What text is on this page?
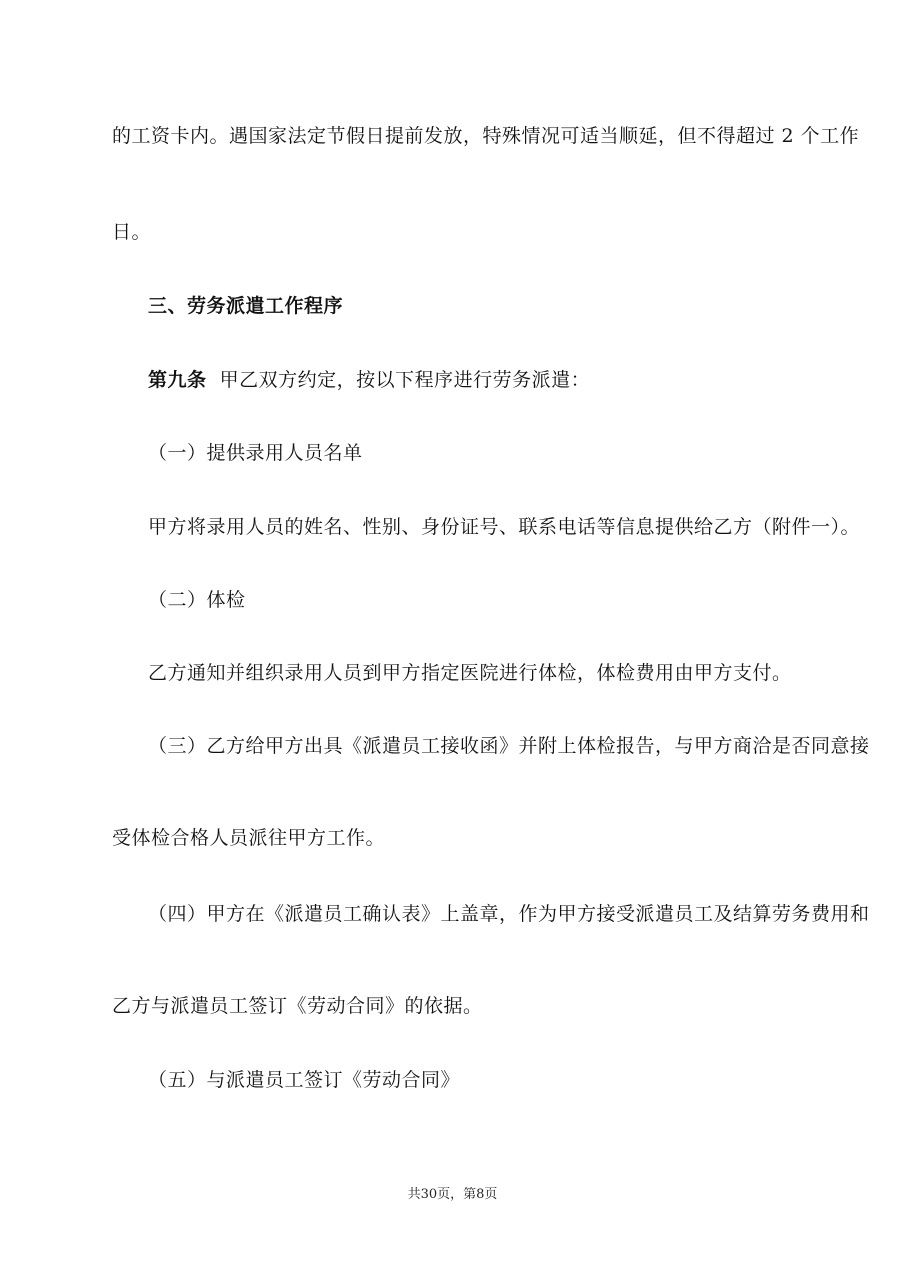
的工资卡内。遇国家法定节假日提前发放，特殊情况可适当顺延，但不得超过 2 个工作
日。
三、劳务派遣工作程序
第九条 甲乙双方约定，按以下程序进行劳务派遣：
（一）提供录用人员名单
甲方将录用人员的姓名、性别、身份证号、联系电话等信息提供给乙方（附件一）。
（二）体检
乙方通知并组织录用人员到甲方指定医院进行体检，体检费用由甲方支付。
（三）乙方给甲方出具《派遣员工接收函》并附上体检报告，与甲方商洽是否同意接
受体检合格人员派往甲方工作。
（四）甲方在《派遣员工确认表》上盖章，作为甲方接受派遣员工及结算劳务费用和
乙方与派遣员工签订《劳动合同》的依据。
（五）与派遣员工签订《劳动合同》
共30页，第8页
